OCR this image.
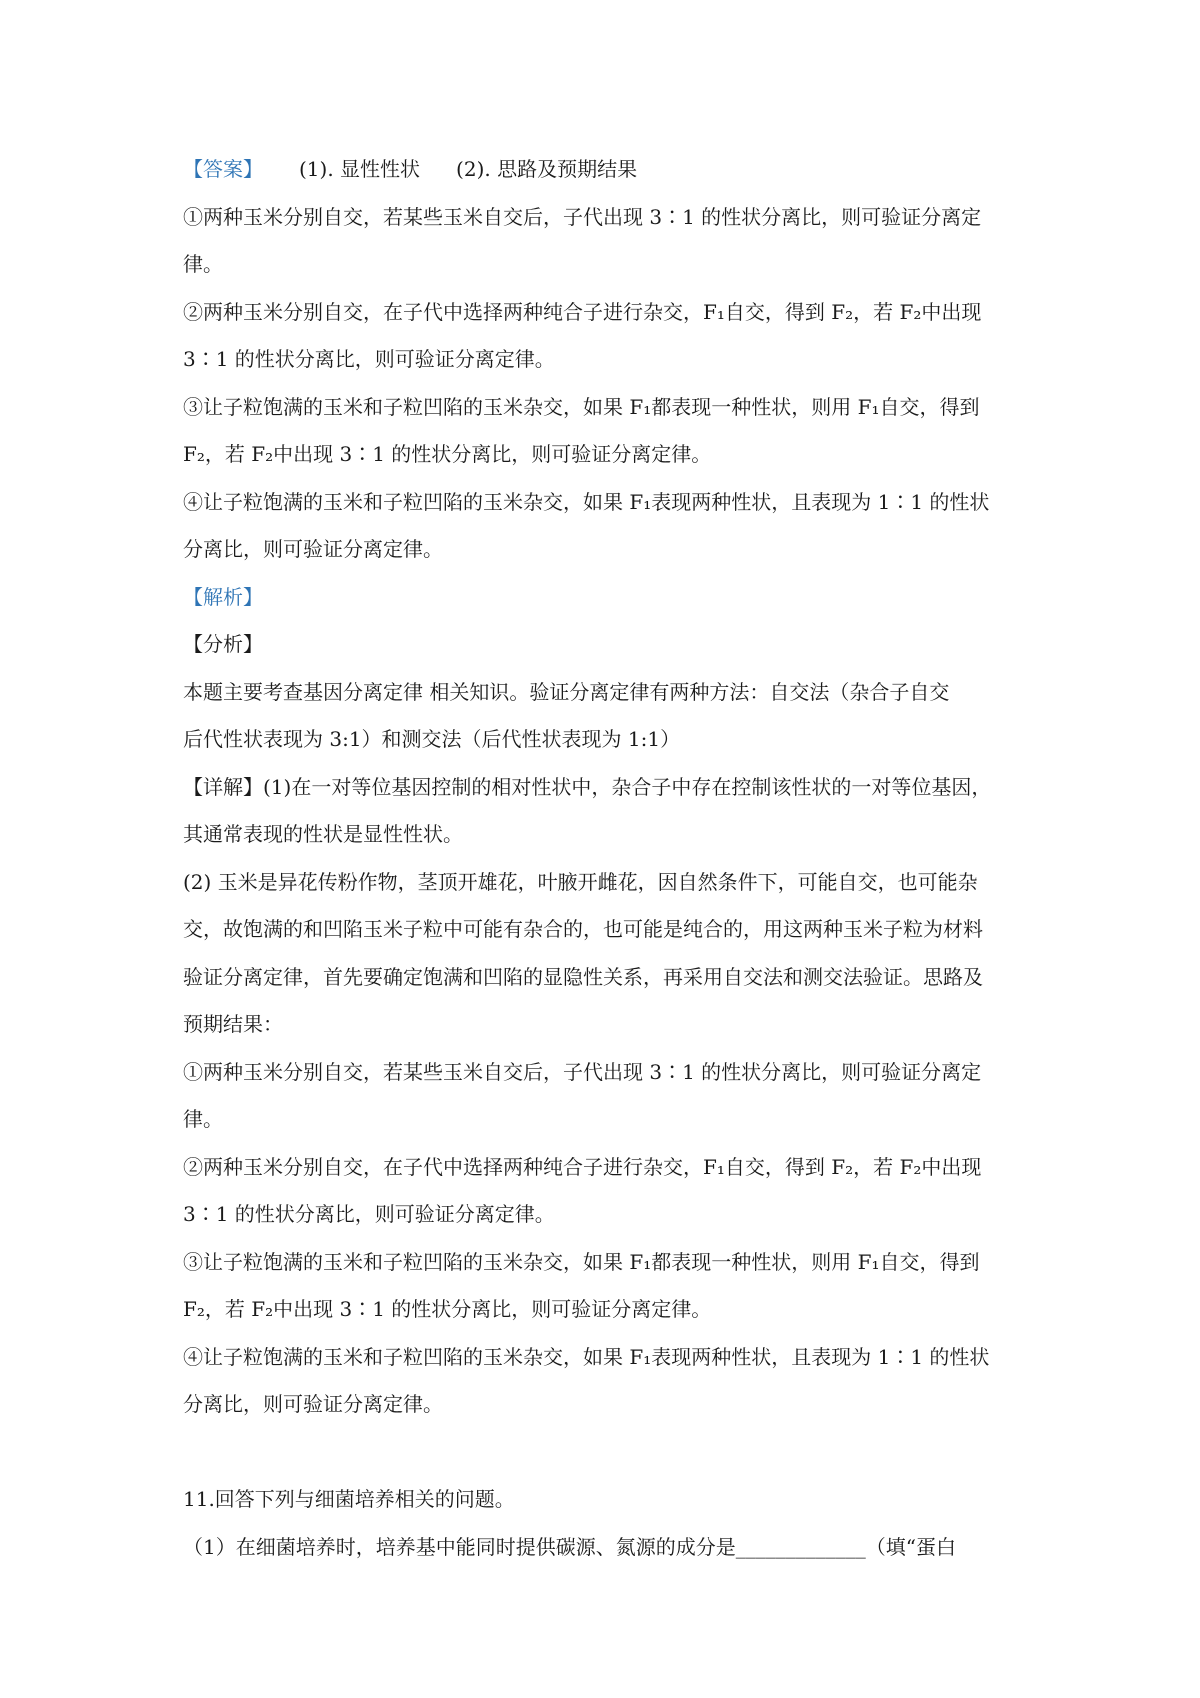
【答案】 (1). 显性性状 (2). 思路及预期结果
①两种玉米分别自交，若某些玉米自交后，子代出现 3∶1 的性状分离比，则可验证分离定
律。
②两种玉米分别自交，在子代中选择两种纯合子进行杂交，F₁自交，得到 F₂，若 F₂中出现
3∶1 的性状分离比，则可验证分离定律。
③让子粒饱满的玉米和子粒凹陷的玉米杂交，如果 F₁都表现一种性状，则用 F₁自交，得到
F₂，若 F₂中出现 3∶1 的性状分离比，则可验证分离定律。
④让子粒饱满的玉米和子粒凹陷的玉米杂交，如果 F₁表现两种性状，且表现为 1∶1 的性状
分离比，则可验证分离定律。
【解析】
【分析】
本题主要考查基因分离定律 相关知识。验证分离定律有两种方法：自交法（杂合子自交
后代性状表现为 3:1）和测交法（后代性状表现为 1:1）
【详解】(1)在一对等位基因控制的相对性状中，杂合子中存在控制该性状的一对等位基因，
其通常表现的性状是显性性状。
(2) 玉米是异花传粉作物，茎顶开雄花，叶腋开雌花，因自然条件下，可能自交，也可能杂
交，故饱满的和凹陷玉米子粒中可能有杂合的，也可能是纯合的，用这两种玉米子粒为材料
验证分离定律，首先要确定饱满和凹陷的显隐性关系，再采用自交法和测交法验证。思路及
预期结果：
①两种玉米分别自交，若某些玉米自交后，子代出现 3∶1 的性状分离比，则可验证分离定
律。
②两种玉米分别自交，在子代中选择两种纯合子进行杂交，F₁自交，得到 F₂，若 F₂中出现
3∶1 的性状分离比，则可验证分离定律。
③让子粒饱满的玉米和子粒凹陷的玉米杂交，如果 F₁都表现一种性状，则用 F₁自交，得到
F₂，若 F₂中出现 3∶1 的性状分离比，则可验证分离定律。
④让子粒饱满的玉米和子粒凹陷的玉米杂交，如果 F₁表现两种性状，且表现为 1∶1 的性状
分离比，则可验证分离定律。
11.回答下列与细菌培养相关的问题。
（1）在细菌培养时，培养基中能同时提供碳源、氮源的成分是_____________（填“蛋白
